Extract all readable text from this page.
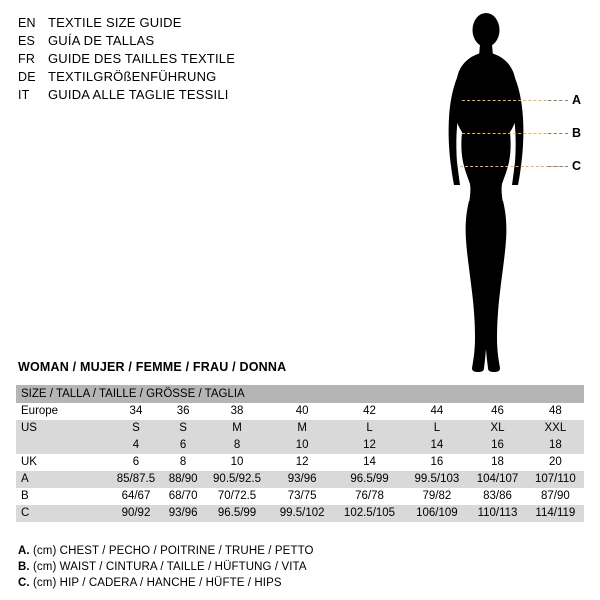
EN TEXTILE SIZE GUIDE
ES GUÍA DE TALLAS
FR GUIDE DES TAILLES TEXTILE
DE TEXTILGRÖßENFÜHRUNG
IT	GUIDA ALLE TAGLIE TESSILI	A
B
C
WOMAN / MUJER / FEMME / FRAU / DONNA
SIZE / TALLA / TAILLE / GRÖSSE / TAGLIA								
Europe	34	36	38	40	42	44	46	48
US	S	S	M	M	L	L	XL	XXL
	4	6	8	10	12	14	16	18
UK	6	8	10	12	14	16	18	20
A	85/87.5	88/90	90.5/92.5	93/96	96.5/99	99.5/103	104/107	107/110
B	64/67	68/70	70/72.5	73/75	76/78	79/82	83/86	87/90
C	90/92	93/96	96.5/99	99.5/102	102.5/105	106/109	110/113	114/119
A. (cm) CHEST / PECHO / POITRINE / TRUHE / PETTO
B. (cm) WAIST / CINTURA / TAILLE / HÜFTUNG / VITA
C. (cm) HIP / CADERA / HANCHE / HÜFTE / HIPS
